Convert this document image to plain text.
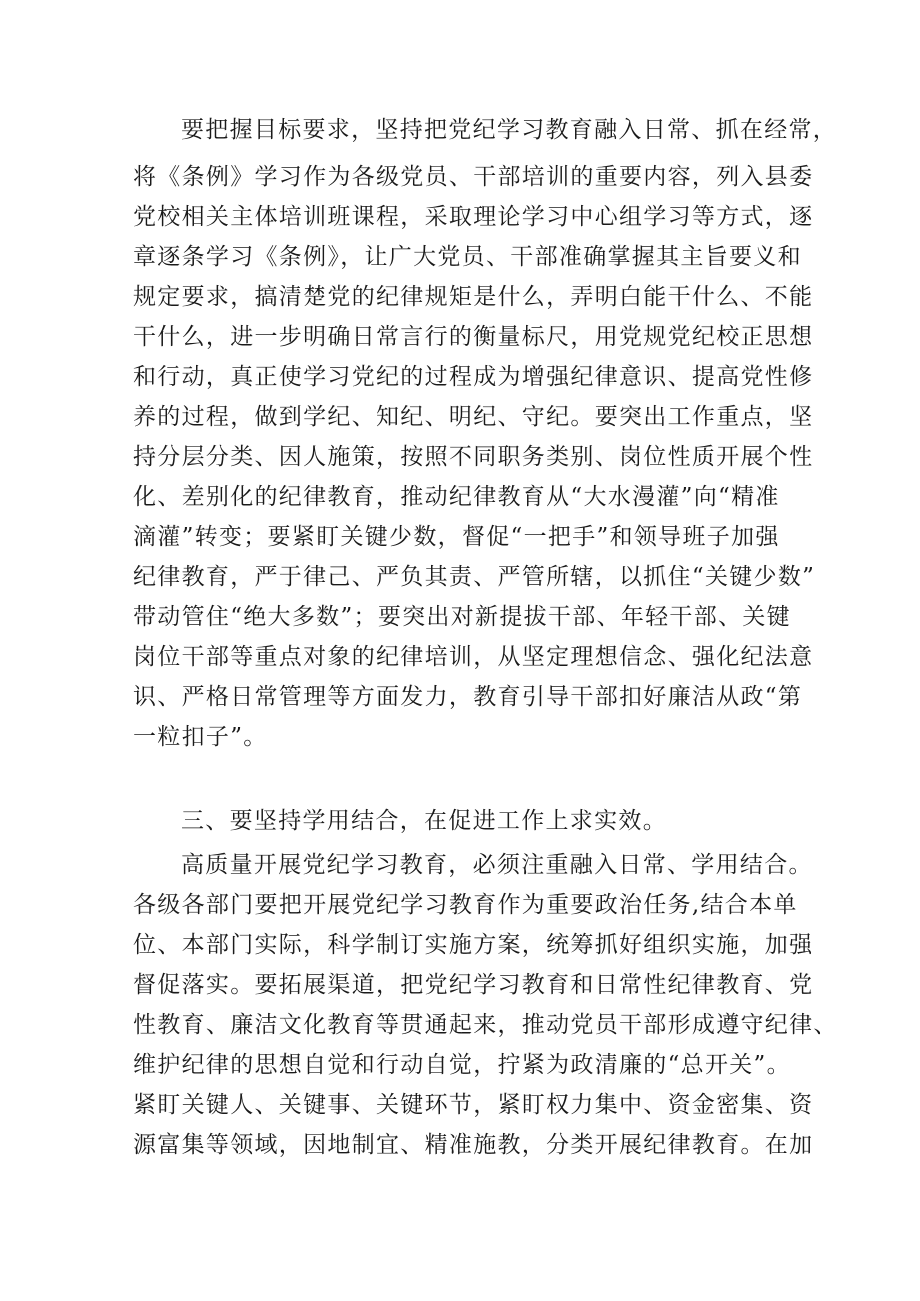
要把握目标要求，坚持把党纪学习教育融入日常、抓在经常，
将《条例》学习作为各级党员、干部培训的重要内容，列入县委
党校相关主体培训班课程，采取理论学习中心组学习等方式，逐
章逐条学习《条例》，让广大党员、干部准确掌握其主旨要义和
规定要求，搞清楚党的纪律规矩是什么，弄明白能干什么、不能
干什么，进一步明确日常言行的衡量标尺，用党规党纪校正思想
和行动，真正使学习党纪的过程成为增强纪律意识、提高党性修
养的过程，做到学纪、知纪、明纪、守纪。要突出工作重点，坚
持分层分类、因人施策，按照不同职务类别、岗位性质开展个性
化、差别化的纪律教育，推动纪律教育从“大水漫灌”向“精准
滴灌”转变；要紧盯关键少数，督促“一把手”和领导班子加强
纪律教育，严于律己、严负其责、严管所辖，以抓住“关键少数”
带动管住“绝大多数”；要突出对新提拔干部、年轻干部、关键
岗位干部等重点对象的纪律培训，从坚定理想信念、强化纪法意
识、严格日常管理等方面发力，教育引导干部扣好廉洁从政“第
一粒扣子”。
三、要坚持学用结合，在促进工作上求实效。
高质量开展党纪学习教育，必须注重融入日常、学用结合。
各级各部门要把开展党纪学习教育作为重要政治任务,结合本单
位、本部门实际，科学制订实施方案，统筹抓好组织实施，加强
督促落实。要拓展渠道，把党纪学习教育和日常性纪律教育、党
性教育、廉洁文化教育等贯通起来，推动党员干部形成遵守纪律、
维护纪律的思想自觉和行动自觉，拧紧为政清廉的“总开关”。
紧盯关键人、关键事、关键环节，紧盯权力集中、资金密集、资
源富集等领域，因地制宜、精准施教，分类开展纪律教育。在加
